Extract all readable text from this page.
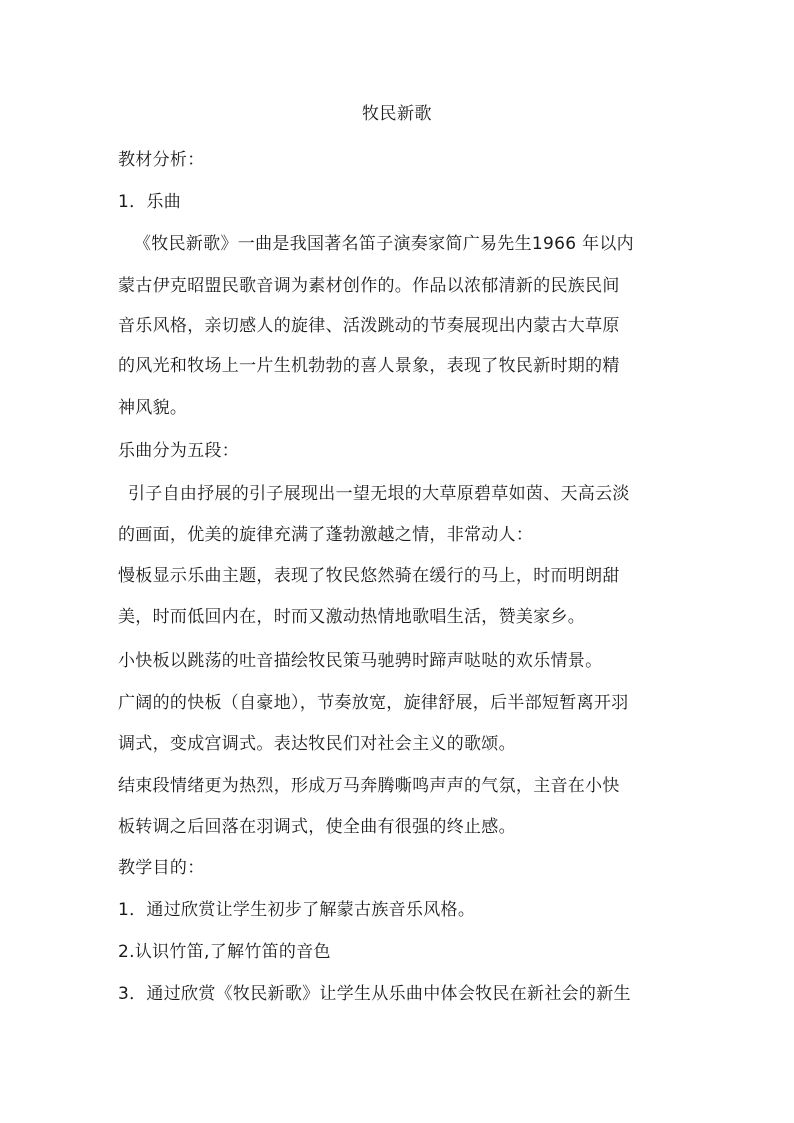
牧民新歌
教材分析：
1．乐曲
《牧民新歌》一曲是我国著名笛子演奏家简广易先生1966 年以内
蒙古伊克昭盟民歌音调为素材创作的。作品以浓郁清新的民族民间
音乐风格，亲切感人的旋律、活泼跳动的节奏展现出内蒙古大草原
的风光和牧场上一片生机勃勃的喜人景象，表现了牧民新时期的精
神风貌。
乐曲分为五段：
引子自由抒展的引子展现出一望无垠的大草原碧草如茵、天高云淡
的画面，优美的旋律充满了蓬勃激越之情，非常动人：
慢板显示乐曲主题，表现了牧民悠然骑在缓行的马上，时而明朗甜
美，时而低回内在，时而又激动热情地歌唱生活，赞美家乡。
小快板以跳荡的吐音描绘牧民策马驰骋时蹄声哒哒的欢乐情景。
广阔的的快板（自豪地），节奏放宽，旋律舒展，后半部短暂离开羽
调式，变成宫调式。表达牧民们对社会主义的歌颂。
结束段情绪更为热烈，形成万马奔腾嘶鸣声声的气氛，主音在小快
板转调之后回落在羽调式，使全曲有很强的终止感。
教学目的：
1．通过欣赏让学生初步了解蒙古族音乐风格。
2.认识竹笛,了解竹笛的音色
3．通过欣赏《牧民新歌》让学生从乐曲中体会牧民在新社会的新生
